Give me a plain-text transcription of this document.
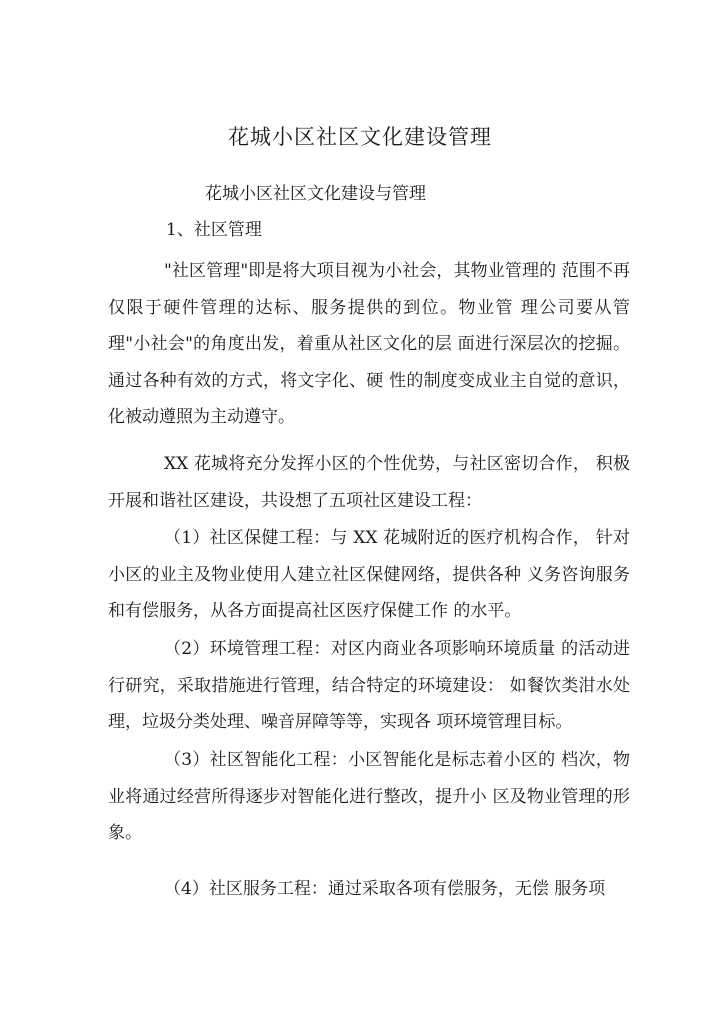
花城小区社区文化建设管理
花城小区社区文化建设与管理
1、社区管理

"社区管理"即是将大项目视为小社会，其物业管理的 范围不再仅限于硬件管理的达标、服务提供的到位。物业管 理公司要从管理"小社会"的角度出发，着重从社区文化的层 面进行深层次的挖掘。通过各种有效的方式，将文字化、硬 性的制度变成业主自觉的意识，化被动遵照为主动遵守。

XX 花城将充分发挥小区的个性优势，与社区密切合作， 积极开展和谐社区建设，共设想了五项社区建设工程：

（1）社区保健工程：与 XX 花城附近的医疗机构合作， 针对小区的业主及物业使用人建立社区保健网络，提供各种 义务咨询服务和有偿服务，从各方面提高社区医疗保健工作 的水平。

（2）环境管理工程：对区内商业各项影响环境质量 的活动进行研究，采取措施进行管理，结合特定的环境建设： 如餐饮类泔水处理，垃圾分类处理、噪音屏障等等，实现各 项环境管理目标。

（3）社区智能化工程：小区智能化是标志着小区的 档次，物业将通过经营所得逐步对智能化进行整改，提升小 区及物业管理的形象。

（4）社区服务工程：通过采取各项有偿服务，无偿 服务项
